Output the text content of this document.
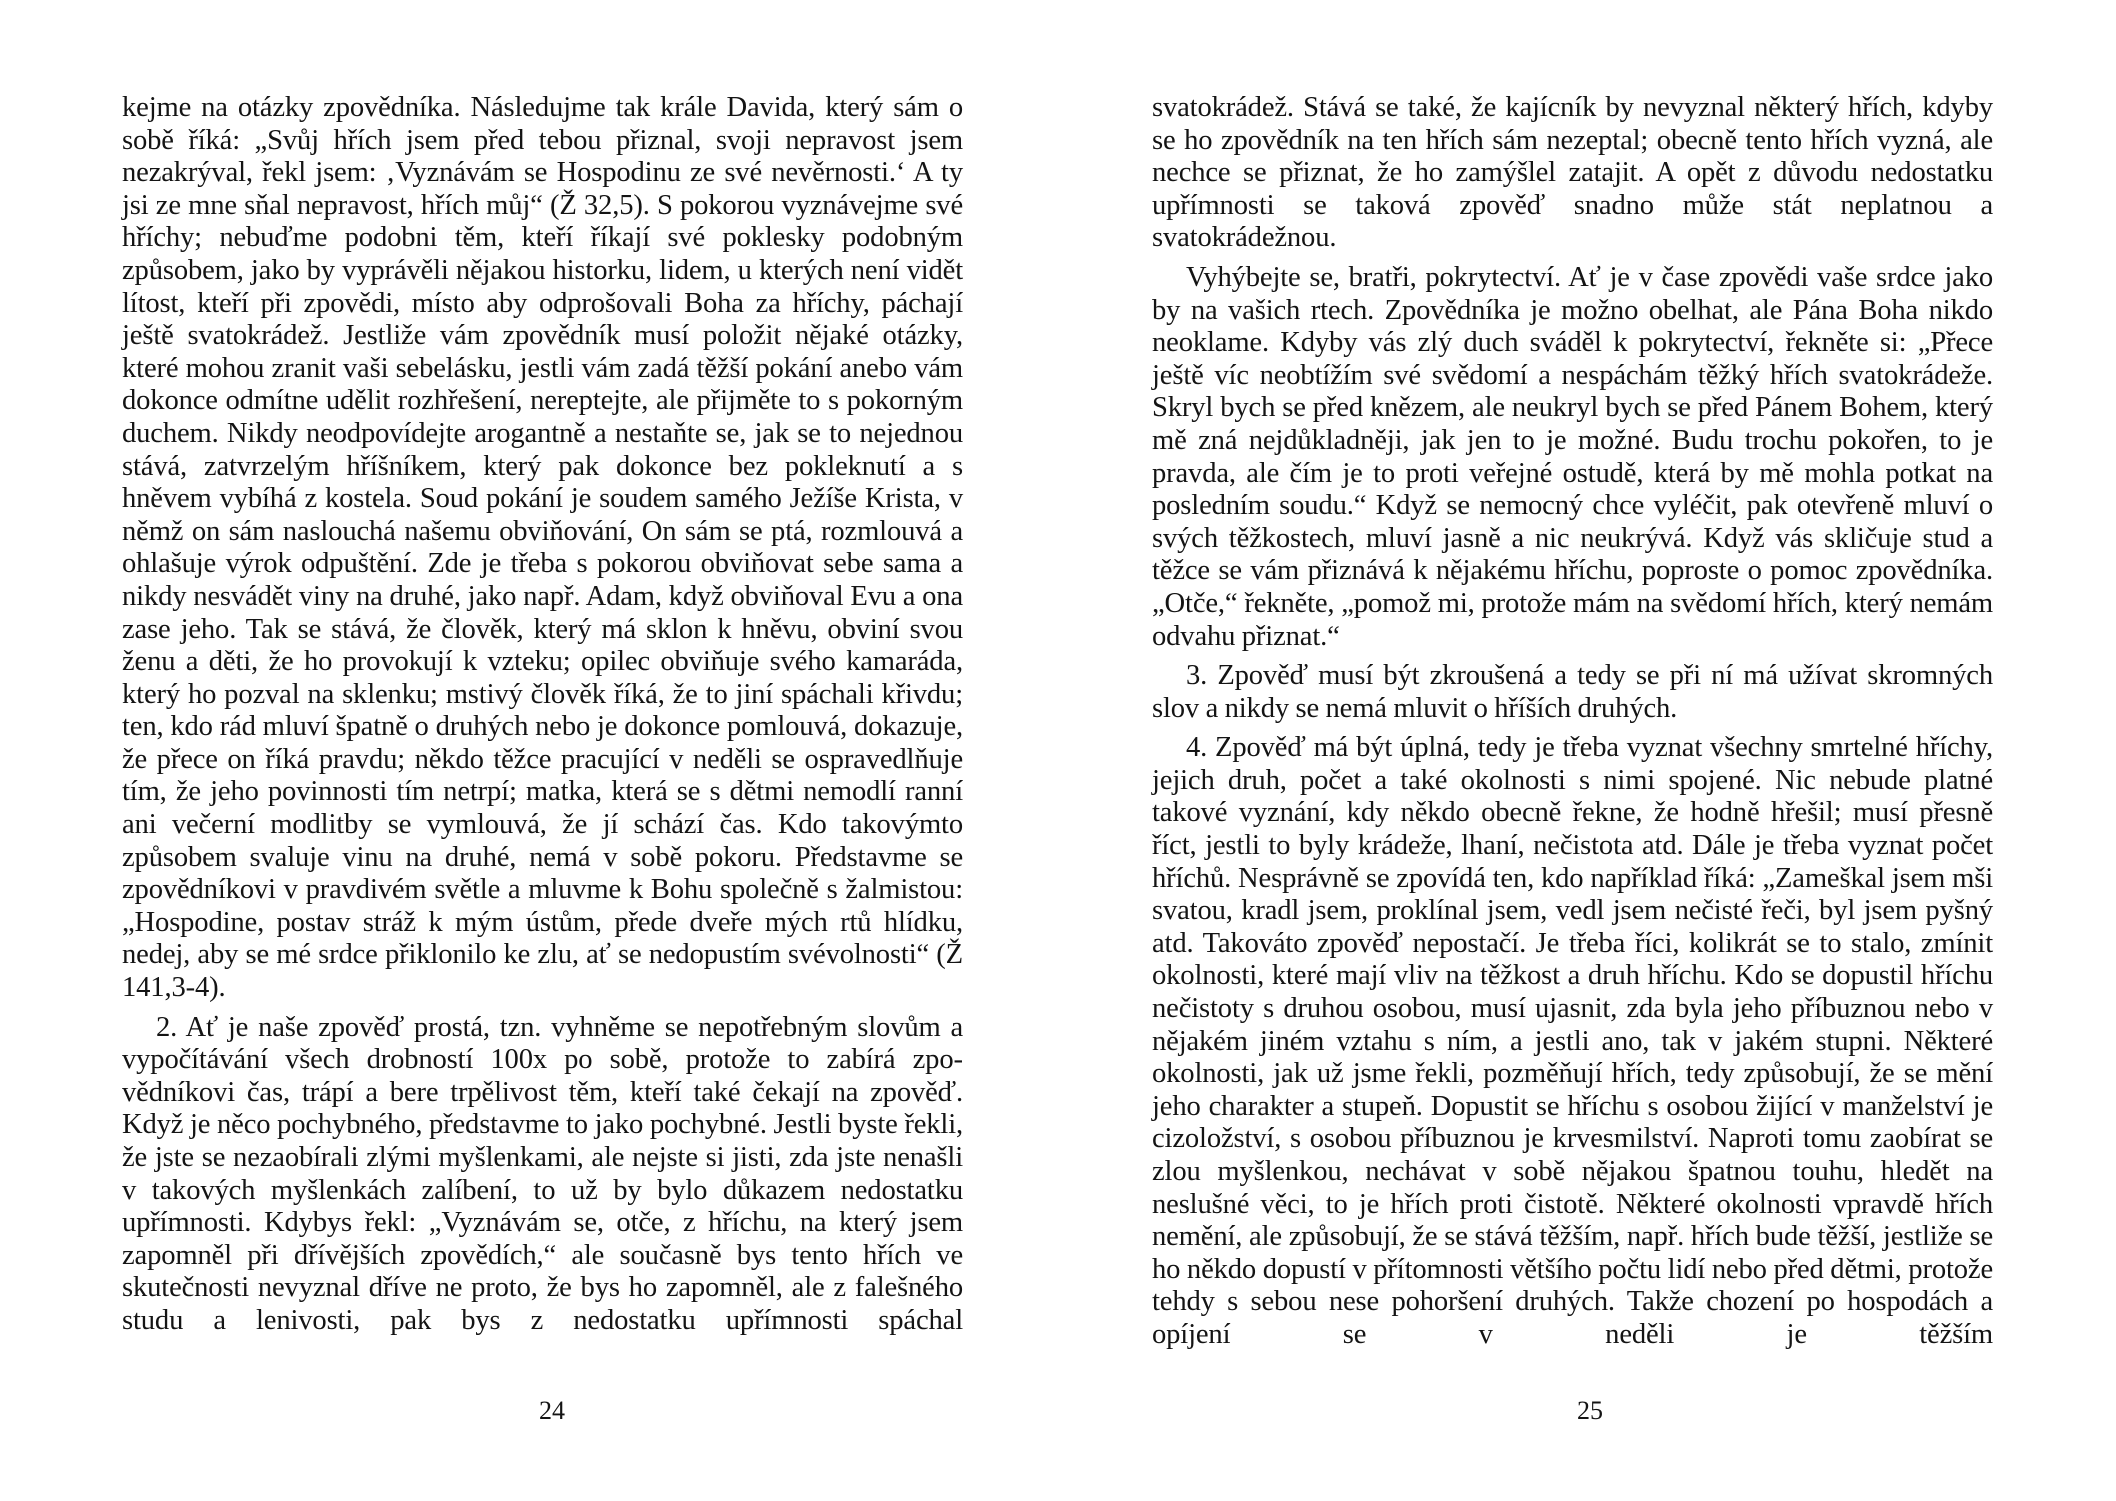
kejme na otázky zpovědníka. Následujme tak krále Davida, který sám o sobě říká: „Svůj hřích jsem před tebou přiznal, svoji nepravost jsem nezakrýval, řekl jsem: ‚Vyznávám se Hospodinu ze své nevěrnosti.‘ A ty jsi ze mne sňal nepravost, hřích můj“ (Ž 32,5). S pokorou vyznávejme své hříchy; nebuďme podobni těm, kteří říkají své poklesky podobným způsobem, jako by vyprávěli nějakou historku, lidem, u kterých není vidět lítost, kteří při zpovědi, místo aby odprošovali Boha za hříchy, páchají ještě svatokrádež. Jestliže vám zpovědník musí položit nějaké otázky, které mohou zranit vaši sebelásku, jestli vám zadá těžší pokání anebo vám dokonce odmítne udělit rozhřešení, nereptejte, ale přijměte to s pokorným duchem. Nikdy neodpovídejte arogantně a nestaňte se, jak se to nejednou stává, zatvrzelým hříšníkem, který pak dokonce bez pokleknutí a s hněvem vybíhá z kostela. Soud pokání je soudem samého Ježíše Krista, v němž on sám naslouchá našemu obviňování, On sám se ptá, rozmlouvá a ohlašuje výrok odpuštění. Zde je třeba s pokorou obviňovat sebe sama a nikdy nesvádět viny na druhé, jako např. Adam, když obviňoval Evu a ona zase jeho. Tak se stává, že člověk, který má sklon k hněvu, obviní svou ženu a děti, že ho provokují k vzteku; opilec obviňuje svého kamaráda, který ho pozval na sklenku; mstivý člověk říká, že to jiní spáchali křivdu; ten, kdo rád mluví špatně o druhých nebo je dokonce pomlouvá, dokazuje, že přece on říká pravdu; někdo těžce pracující v neděli se ospravedlňuje tím, že jeho povinnosti tím netrpí; matka, která se s dětmi nemodlí ranní ani večerní modlitby se vymlouvá, že jí schází čas. Kdo takovýmto způsobem svaluje vinu na druhé, nemá v sobě pokoru. Představme se zpovědníkovi v pravdivém světle a mluvme k Bohu společně s žalmistou: „Hospodine, postav stráž k mým ústům, přede dveře mých rtů hlídku, nedej, aby se mé srdce přiklonilo ke zlu, ať se nedopustím svévolnosti“ (Ž 141,3-4).

2. Ať je naše zpověď prostá, tzn. vyhněme se nepotřebným slovům a vypočítávání všech drobností 100x po sobě, protože to zabírá zpovědníkovi čas, trápí a bere trpělivost těm, kteří také čekají na zpověď. Když je něco pochybného, představme to jako pochybné. Jestli byste řekli, že jste se nezaobírali zlými myšlenkami, ale nejste si jisti, zda jste nenašli v takových myšlenkách zalíbení, to už by bylo důkazem nedostatku upřímnosti. Kdybys řekl: „Vyznávám se, otče, z hříchu, na který jsem zapomněl při dřívějších zpovědích,“ ale současně bys tento hřích ve skutečnosti nevyznal dříve ne proto, že bys ho zapomněl, ale z falešného studu a lenivosti, pak bys z nedostatku upřímnosti spáchal

24

svatokrádež. Stává se také, že kajícník by nevyznal některý hřích, kdyby se ho zpovědník na ten hřích sám nezeptal; obecně tento hřích vyzná, ale nechce se přiznat, že ho zamýšlel zatajit. A opět z důvodu nedostatku upřímnosti se taková zpověď snadno může stát neplatnou a svatokrádežnou.

Vyhýbejte se, bratři, pokrytectví. Ať je v čase zpovědi vaše srdce jako by na vašich rtech. Zpovědníka je možno obelhat, ale Pána Boha nikdo neoklame. Kdyby vás zlý duch sváděl k pokrytectví, řekněte si: „Přece ještě víc neobtížím své svědomí a nespáchám těžký hřích svatokrádeže. Skryl bych se před knězem, ale neukryl bych se před Pánem Bohem, který mě zná nejdůkladněji, jak jen to je možné. Budu trochu pokořen, to je pravda, ale čím je to proti veřejné ostudě, která by mě mohla potkat na posledním soudu.“ Když se nemocný chce vyléčit, pak otevřeně mluví o svých těžkostech, mluví jasně a nic neukrývá. Když vás skličuje stud a těžce se vám přiznává k nějakému hříchu, poproste o pomoc zpovědníka. „Otče,“ řekněte, „pomož mi, protože mám na svědomí hřích, který nemám odvahu přiznat.“

3. Zpověď musí být zkroušená a tedy se při ní má užívat skromných slov a nikdy se nemá mluvit o hříších druhých.

4. Zpověď má být úplná, tedy je třeba vyznat všechny smrtelné hříchy, jejich druh, počet a také okolnosti s nimi spojené. Nic nebude platné takové vyznání, kdy někdo obecně řekne, že hodně hřešil; musí přesně říct, jestli to byly krádeže, lhaní, nečistota atd. Dále je třeba vyznat počet hříchů. Nesprávně se zpovídá ten, kdo například říká: „Zameškal jsem mši svatou, kradl jsem, proklínal jsem, vedl jsem nečisté řeči, byl jsem pyšný atd. Takováto zpověď nepostačí. Je třeba říci, kolikrát se to stalo, zmínit okolnosti, které mají vliv na těžkost a druh hříchu. Kdo se dopustil hříchu nečistoty s druhou osobou, musí ujasnit, zda byla jeho příbuznou nebo v nějakém jiném vztahu s ním, a jestli ano, tak v jakém stupni. Některé okolnosti, jak už jsme řekli, pozměňují hřích, tedy způsobují, že se mění jeho charakter a stupeň. Dopustit se hříchu s osobou žijící v manželství je cizoložství, s osobou příbuznou je krvesmilství. Naproti tomu zaobírat se zlou myšlenkou, nechávat v sobě nějakou špatnou touhu, hledět na neslušné věci, to je hřích proti čistotě. Některé okolnosti vpravdě hřích nemění, ale způsobují, že se stává těžším, např. hřích bude těžší, jestliže se ho někdo dopustí v přítomnosti většího počtu lidí nebo před dětmi, protože tehdy s sebou nese pohoršení druhých. Takže chození po hospodách a opíjení se v neděli je těžším

25
